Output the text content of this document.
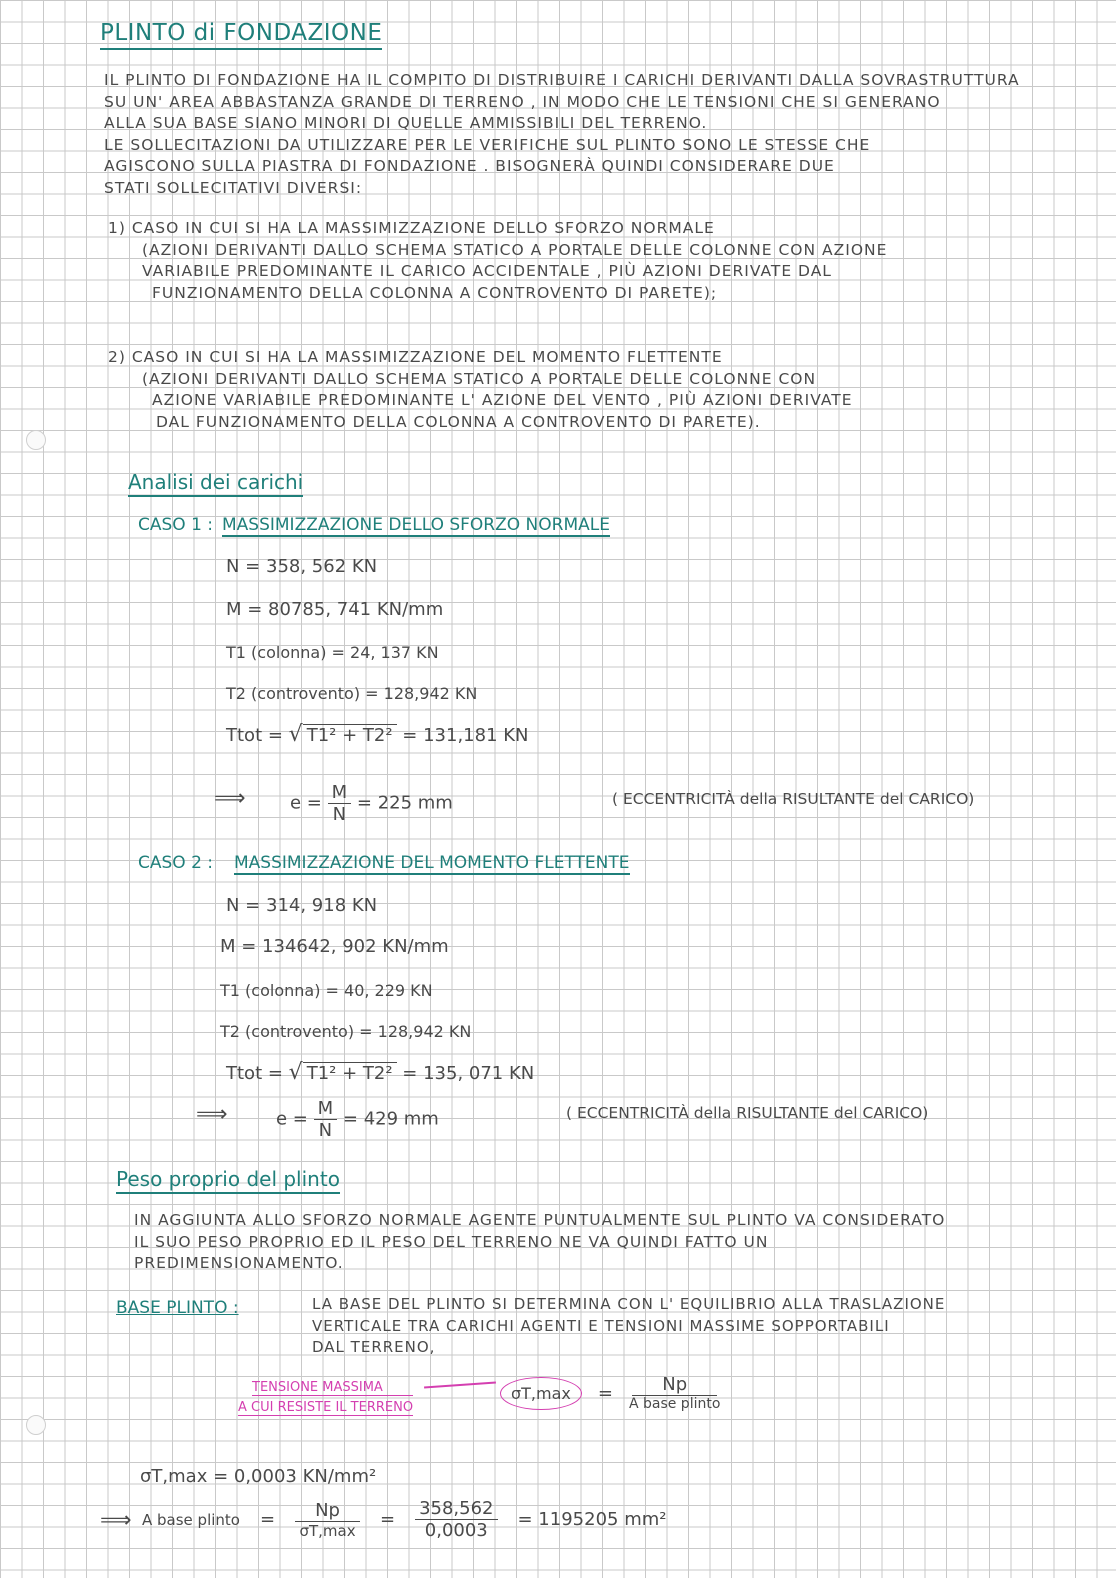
PLINTO di FONDAZIONE
IL PLINTO DI FONDAZIONE HA IL COMPITO DI DISTRIBUIRE I CARICHI DERIVANTI DALLA SOVRASTRUTTURA
SU UN' AREA ABBASTANZA GRANDE DI TERRENO , IN MODO CHE LE TENSIONI CHE SI GENERANO
ALLA SUA BASE SIANO MINORI DI QUELLE AMMISSIBILI DEL TERRENO.
LE SOLLECITAZIONI DA UTILIZZARE PER LE VERIFICHE SUL PLINTO SONO LE STESSE CHE
AGISCONO SULLA PIASTRA DI FONDAZIONE . BISOGNERÀ QUINDI CONSIDERARE DUE
STATI SOLLECITATIVI DIVERSI:
1) CASO IN CUI SI HA LA MASSIMIZZAZIONE DELLO SFORZO NORMALE
(AZIONI DERIVANTI DALLO SCHEMA STATICO A PORTALE DELLE COLONNE CON AZIONE
VARIABILE PREDOMINANTE IL CARICO ACCIDENTALE , PIÙ AZIONI DERIVATE DAL
FUNZIONAMENTO DELLA COLONNA A CONTROVENTO DI PARETE);
2) CASO IN CUI SI HA LA MASSIMIZZAZIONE DEL MOMENTO FLETTENTE
(AZIONI DERIVANTI DALLO SCHEMA STATICO A PORTALE DELLE COLONNE CON
AZIONE VARIABILE PREDOMINANTE L' AZIONE DEL VENTO , PIÙ AZIONI DERIVATE
DAL FUNZIONAMENTO DELLA COLONNA A CONTROVENTO DI PARETE).
Analisi dei carichi
CASO 1 : MASSIMIZZAZIONE DELLO SFORZO NORMALE
N = 358, 562 KN
M = 80785, 741 KN/mm
T1 (colonna) = 24, 137 KN
T2 (controvento) = 128,942 KN
Ttot = √ T1² + T2² = 131,181 KN
⟹ $e = \frac{M}{N} = 225$ mm	( ECCENTRICITÀ della RISULTANTE del CARICO)
CASO 2 : MASSIMIZZAZIONE DEL MOMENTO FLETTENTE
N = 314, 918 KN
M = 134642, 902 KN/mm
T1 (colonna) = 40, 229 KN
T2 (controvento) = 128,942 KN
Ttot = √ T1² + T2² = 135, 071 KN
⟹	$e = \frac{M}{N} = 429$ mm	( ECCENTRICITÀ della RISULTANTE del CARICO)
Peso proprio del plinto
IN AGGIUNTA ALLO SFORZO NORMALE AGENTE PUNTUALMENTE SUL PLINTO VA CONSIDERATO
IL SUO PESO PROPRIO ED IL PESO DEL TERRENO NE VA QUINDI FATTO UN
PREDIMENSIONAMENTO.
BASE PLINTO :	LA BASE DEL PLINTO SI DETERMINA CON L' EQUILIBRIO ALLA TRASLAZIONE
VERTICALE TRA CARICHI AGENTI E TENSIONI MASSIME SOPPORTABILI
DAL TERRENO,
TENSIONE MASSIMA
A CUI RESISTE IL TERRENO
σT,max	= $\frac{Np}{\text{A base plinto}}$
σT,max = 0,0003 KN/mm²
⟹ A base plinto = $\frac{Np}{\sigma T,\max} = \frac{358,562}{0,0003} = 1195205$ mm²
